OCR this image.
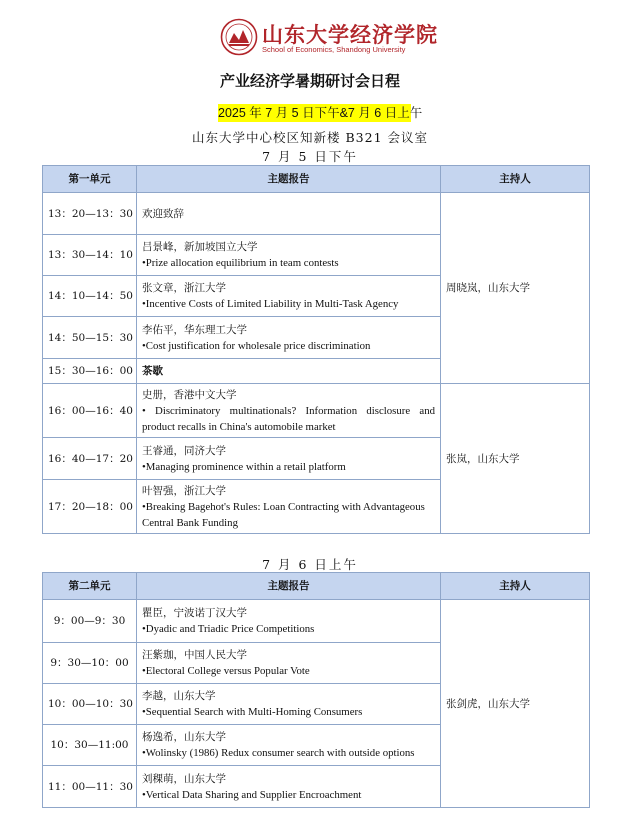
山东大学经济学院
School of Economics, Shandong University
产业经济学暑期研讨会日程
2025 年 7 月 5 日下午&7 月 6 日上午
山东大学中心校区知新楼 B321 会议室
7 月 5 日下午
第一单元	主题报告	主持人
13：20—13：30	欢迎致辞	周晓岚，山东大学
13：30—14：10	吕景峰，新加坡国立大学
•Prize allocation equilibrium in team contests	

14：10—14：50	张文章，浙江大学
•Incentive Costs of Limited Liability in Multi-Task Agency	

14：50—15：30	李佑平，华东理工大学
•Cost justification for wholesale price discrimination	

15：30—16：00	茶歇	

16：00—16：40	史册，香港中文大学
• Discriminatory multinationals? Information disclosure and product recalls in China's automobile market	张岚，山东大学
16：40—17：20	王睿通，同济大学
•Managing prominence within a retail platform	

17：20—18：00	叶智强，浙江大学
•Breaking Bagehot's Rules: Loan Contracting with Advantageous Central Bank Funding	
7 月 6 日上午
第二单元	主题报告	主持人
9：00—9：30	瞿臣，宁波诺丁汉大学
•Dyadic and Triadic Price Competitions	张剑虎，山东大学
9：30—10：00	汪紫珈，中国人民大学
•Electoral College versus Popular Vote	

10：00—10：30	李越，山东大学
•Sequential Search with Multi-Homing Consumers	

10：30—11:00	杨逸希，山东大学
•Wolinsky (1986) Redux consumer search with outside options	

11：00—11：30	刘稞萌，山东大学
•Vertical Data Sharing and Supplier Encroachment	
